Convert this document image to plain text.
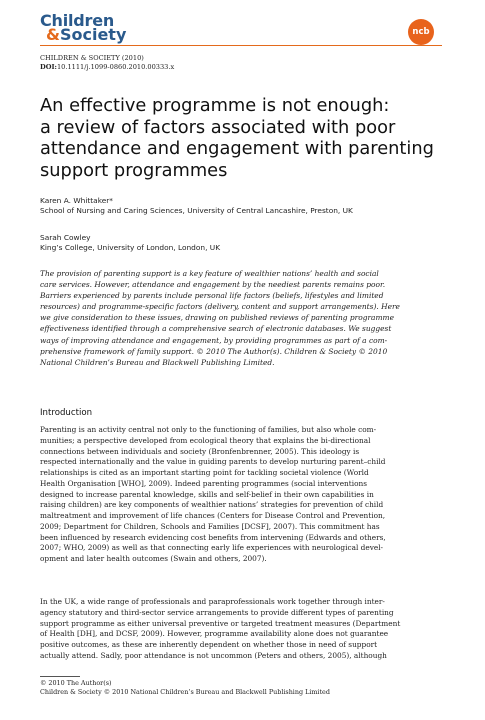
Children
&Society	ncb
CHILDREN & SOCIETY (2010)
DOI:10.1111/j.1099-0860.2010.00333.x
An effective programme is not enough:
a review of factors associated with poor
attendance and engagement with parenting
support programmes
Karen A. Whittaker*
School of Nursing and Caring Sciences, University of Central Lancashire, Preston, UK
Sarah Cowley
King’s College, University of London, London, UK
The provision of parenting support is a key feature of wealthier nations’ health and social
care services. However, attendance and engagement by the neediest parents remains poor.
Barriers experienced by parents include personal life factors (beliefs, lifestyles and limited
resources) and programme-specific factors (delivery, content and support arrangements). Here
we give consideration to these issues, drawing on published reviews of parenting programme
effectiveness identified through a comprehensive search of electronic databases. We suggest
ways of improving attendance and engagement, by providing programmes as part of a com-
prehensive framework of family support. © 2010 The Author(s). Children & Society © 2010
National Children’s Bureau and Blackwell Publishing Limited.
Introduction
Parenting is an activity central not only to the functioning of families, but also whole com-
munities; a perspective developed from ecological theory that explains the bi-directional
connections between individuals and society (Bronfenbrenner, 2005). This ideology is
respected internationally and the value in guiding parents to develop nurturing parent–child
relationships is cited as an important starting point for tackling societal violence (World
Health Organisation [WHO], 2009). Indeed parenting programmes (social interventions
designed to increase parental knowledge, skills and self-belief in their own capabilities in
raising children) are key components of wealthier nations’ strategies for prevention of child
maltreatment and improvement of life chances (Centers for Disease Control and Prevention,
2009; Department for Children, Schools and Families [DCSF], 2007). This commitment has
been influenced by research evidencing cost benefits from intervening (Edwards and others,
2007; WHO, 2009) as well as that connecting early life experiences with neurological devel-
opment and later health outcomes (Swain and others, 2007).
In the UK, a wide range of professionals and paraprofessionals work together through inter-
agency statutory and third-sector service arrangements to provide different types of parenting
support programme as either universal preventive or targeted treatment measures (Department
of Health [DH], and DCSF, 2009). However, programme availability alone does not guarantee
positive outcomes, as these are inherently dependent on whether those in need of support
actually attend. Sadly, poor attendance is not uncommon (Peters and others, 2005), although
© 2010 The Author(s)
Children & Society © 2010 National Children’s Bureau and Blackwell Publishing Limited
